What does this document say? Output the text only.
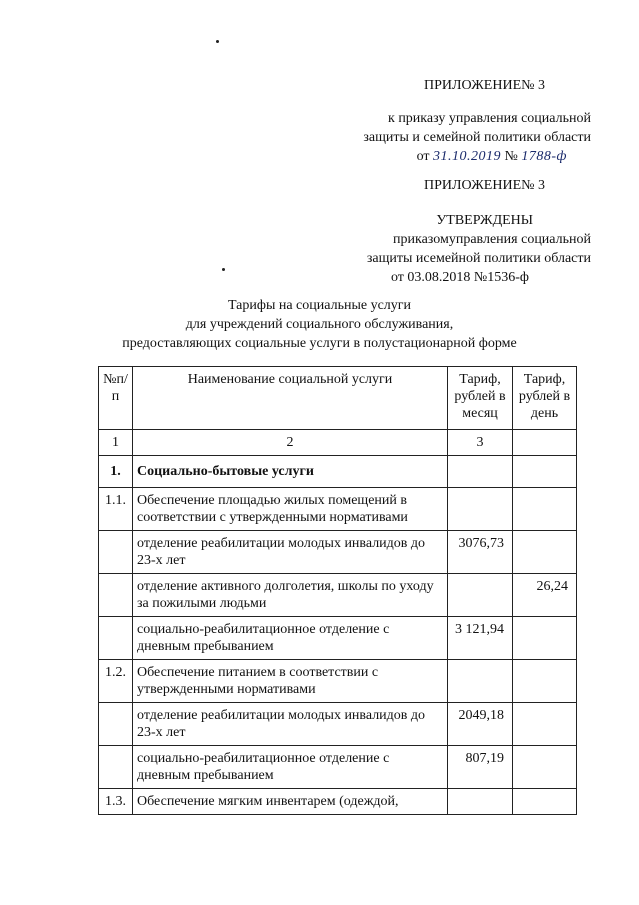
ПРИЛОЖЕНИЕ№ 3
к приказу управления социальной
защиты и семейной политики области
от 31.10.2019 № 1788-ф
ПРИЛОЖЕНИЕ№ 3
УТВЕРЖДЕНЫ
приказомуправления социальной
защиты исемейной политики области
от 03.08.2018 №1536-ф
Тарифы на социальные услуги
для учреждений социального обслуживания,
предоставляющих социальные услуги в полустационарной форме
№п/п	Наименование социальной услуги	Тариф, рублей в месяц	Тариф, рублей в день
1	2	3	
1.	Социально-бытовые услуги		
1.1.	Обеспечение площадью жилых помещений в соответствии с утвержденными нормативами		
	отделение реабилитации молодых инвалидов до 23-х лет	3076,73	
	отделение активного долголетия, школы по уходу за пожилыми людьми		26,24
	социально-реабилитационное отделение с дневным пребыванием	3 121,94	
1.2.	Обеспечение питанием в соответствии с утвержденными нормативами		
	отделение реабилитации молодых инвалидов до 23-х лет	2049,18	
	социально-реабилитационное отделение с дневным пребыванием	807,19	
1.3.	Обеспечение мягким инвентарем (одеждой,		
